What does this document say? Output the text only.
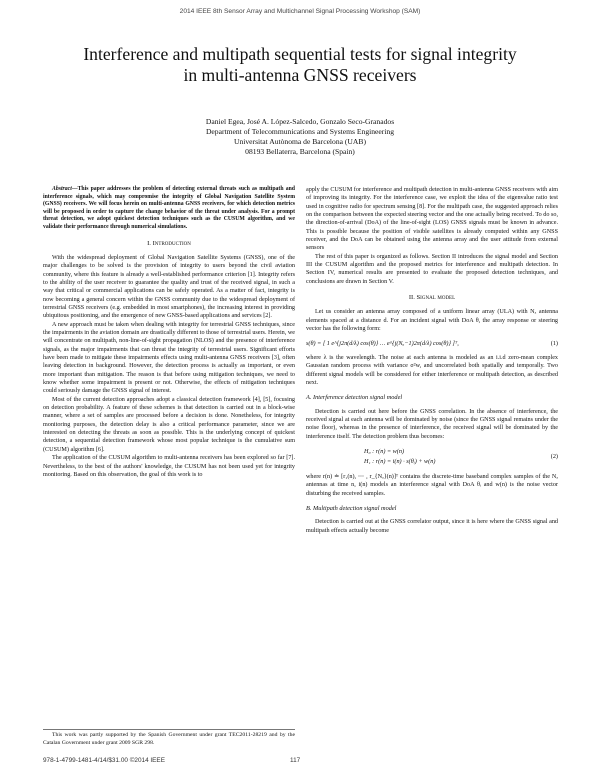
2014 IEEE 8th Sensor Array and Multichannel Signal Processing Workshop (SAM)
Interference and multipath sequential tests for signal integrity
in multi-antenna GNSS receivers
Daniel Egea, José A. López-Salcedo, Gonzalo Seco-Granados
Department of Telecommunications and Systems Engineering
Universitat Autònoma de Barcelona (UAB)
08193 Bellaterra, Barcelona (Spain)

Abstract—This paper addresses the problem of detecting external threats such as multipath and interference signals, which may compromise the integrity of Global Navigation Satellite System (GNSS) receivers. We will focus herein on multi-antenna GNSS receivers, for which detection metrics will be proposed in order to capture the change behavior of the threat under analysis. For a prompt threat detection, we adopt quickest detection techniques such as the CUSUM algorithm, and we validate their performance through numerical simulations.

I. Introduction

With the widespread deployment of Global Navigation Satellite Systems (GNSS), one of the major challenges to be solved is the provision of integrity to users beyond the civil aviation community, where this feature is already a well-established performance criterion [1]. Integrity refers to the ability of the user receiver to guarantee the quality and trust of the received signal, in such a way that critical or commercial applications can be safely operated. As a matter of fact, integrity is now becoming a general concern within the GNSS community due to the widespread deployment of terrestrial GNSS receivers (e.g. embedded in most smartphones), the increasing interest in providing ubiquitous positioning, and the emergence of new GNSS-based applications and services [2].

A new approach must be taken when dealing with integrity for terrestrial GNSS techniques, since the impairments in the aviation domain are drastically different to those of terrestrial users. Herein, we will concentrate on multipath, non-line-of-sight propagation (NLOS) and the presence of interference signals, as the major impairments that can threat the integrity of terrestrial users. Significant efforts have been made to mitigate these impairments effects using multi-antenna GNSS receivers [3], often leaving detection in background. However, the detection process is actually as important, or even more important than mitigation. The reason is that before using mitigation techniques, we need to know whether some impairment is present or not. Otherwise, the effects of mitigation techniques could seriously damage the GNSS signal of interest.

Most of the current detection approaches adopt a classical detection framework [4], [5], focusing on detection probability. A feature of these schemes is that detection is carried out in a block-wise manner, where a set of samples are processed before a decision is done. Nonetheless, for integrity monitoring purposes, the detection delay is also a critical performance parameter, since we are interested on detecting the threats as soon as possible. This is the underlying concept of quickest detection, a sequential detection framework whose most popular technique is the cumulative sum (CUSUM) algorithm [6].

The application of the CUSUM algorithm to multi-antenna receivers has been explored so far [7]. Nevertheless, to the best of the authors' knowledge, the CUSUM has not been used yet for integrity monitoring. Based on this observation, the goal of this work is to

This work was partly supported by the Spanish Government under grant TEC2011-28219 and by the Catalan Government under grant 2009 SGR 298.

apply the CUSUM for interference and multipath detection in multi-antenna GNSS receivers with aim of improving its integrity. For the interference case, we exploit the idea of the eigenvalue ratio test used in cognitive radio for spectrum sensing [8]. For the multipath case, the suggested approach relies on the comparison between the expected steering vector and the one actually being received. To do so, the direction-of-arrival (DoA) of the line-of-sight (LOS) GNSS signals must be known in advance. This is possible because the position of visible satellites is already computed within any GNSS receiver, and the DoA can be obtained using the antenna array and the user attitude from external sensors

The rest of this paper is organized as follows. Section II introduces the signal model and Section III the CUSUM algorithm and the proposed metrics for interference and multipath detection. In Section IV, numerical results are presented to evaluate the proposed detection techniques, and conclusions are drawn in Section V.

II. Signal model

Let us consider an antenna array composed of a uniform linear array (ULA) with Nₐ antenna elements spaced at a distance d. For an incident signal with DoA θ, the array response or steering vector has the following form:

s(θ) = [ 1 e^{j2π(d/λ) cos(θ)} … e^{j(Nₐ−1)2π(d/λ) cos(θ)} ]ᵀ,	(1)

where λ is the wavelength. The noise at each antenna is modeled as an i.i.d zero-mean complex Gaussian random process with variance σ²w, and uncorrelated both spatially and temporally. Two different signal models will be considered for either interference or multipath detection, as described next.

A. Interference detection signal model

Detection is carried out here before the GNSS correlation. In the absence of interference, the received signal at each antenna will be dominated by noise (since the GNSS signal remains under the noise floor), whereas in the presence of interference, the received signal will be dominated by the interference itself. The detection problem thus becomes:

H₀ : r(n) = w(n)
H₁ : r(n) = i(n) · s(θᵢ) + w(n)
(2)

where r(n) ≐ [r₁(n), ⋯ , r_{Nₐ}(n)]ᵀ contains the discrete-time baseband complex samples of the Nₐ antennas at time n, i(n) models an interference signal with DoA θᵢ and w(n) is the noise vector disturbing the received samples.

B. Multipath detection signal model

Detection is carried out at the GNSS correlator output, since it is here where the GNSS signal and multipath effects actually become

978-1-4799-1481-4/14/$31.00 ©2014 IEEE	117
